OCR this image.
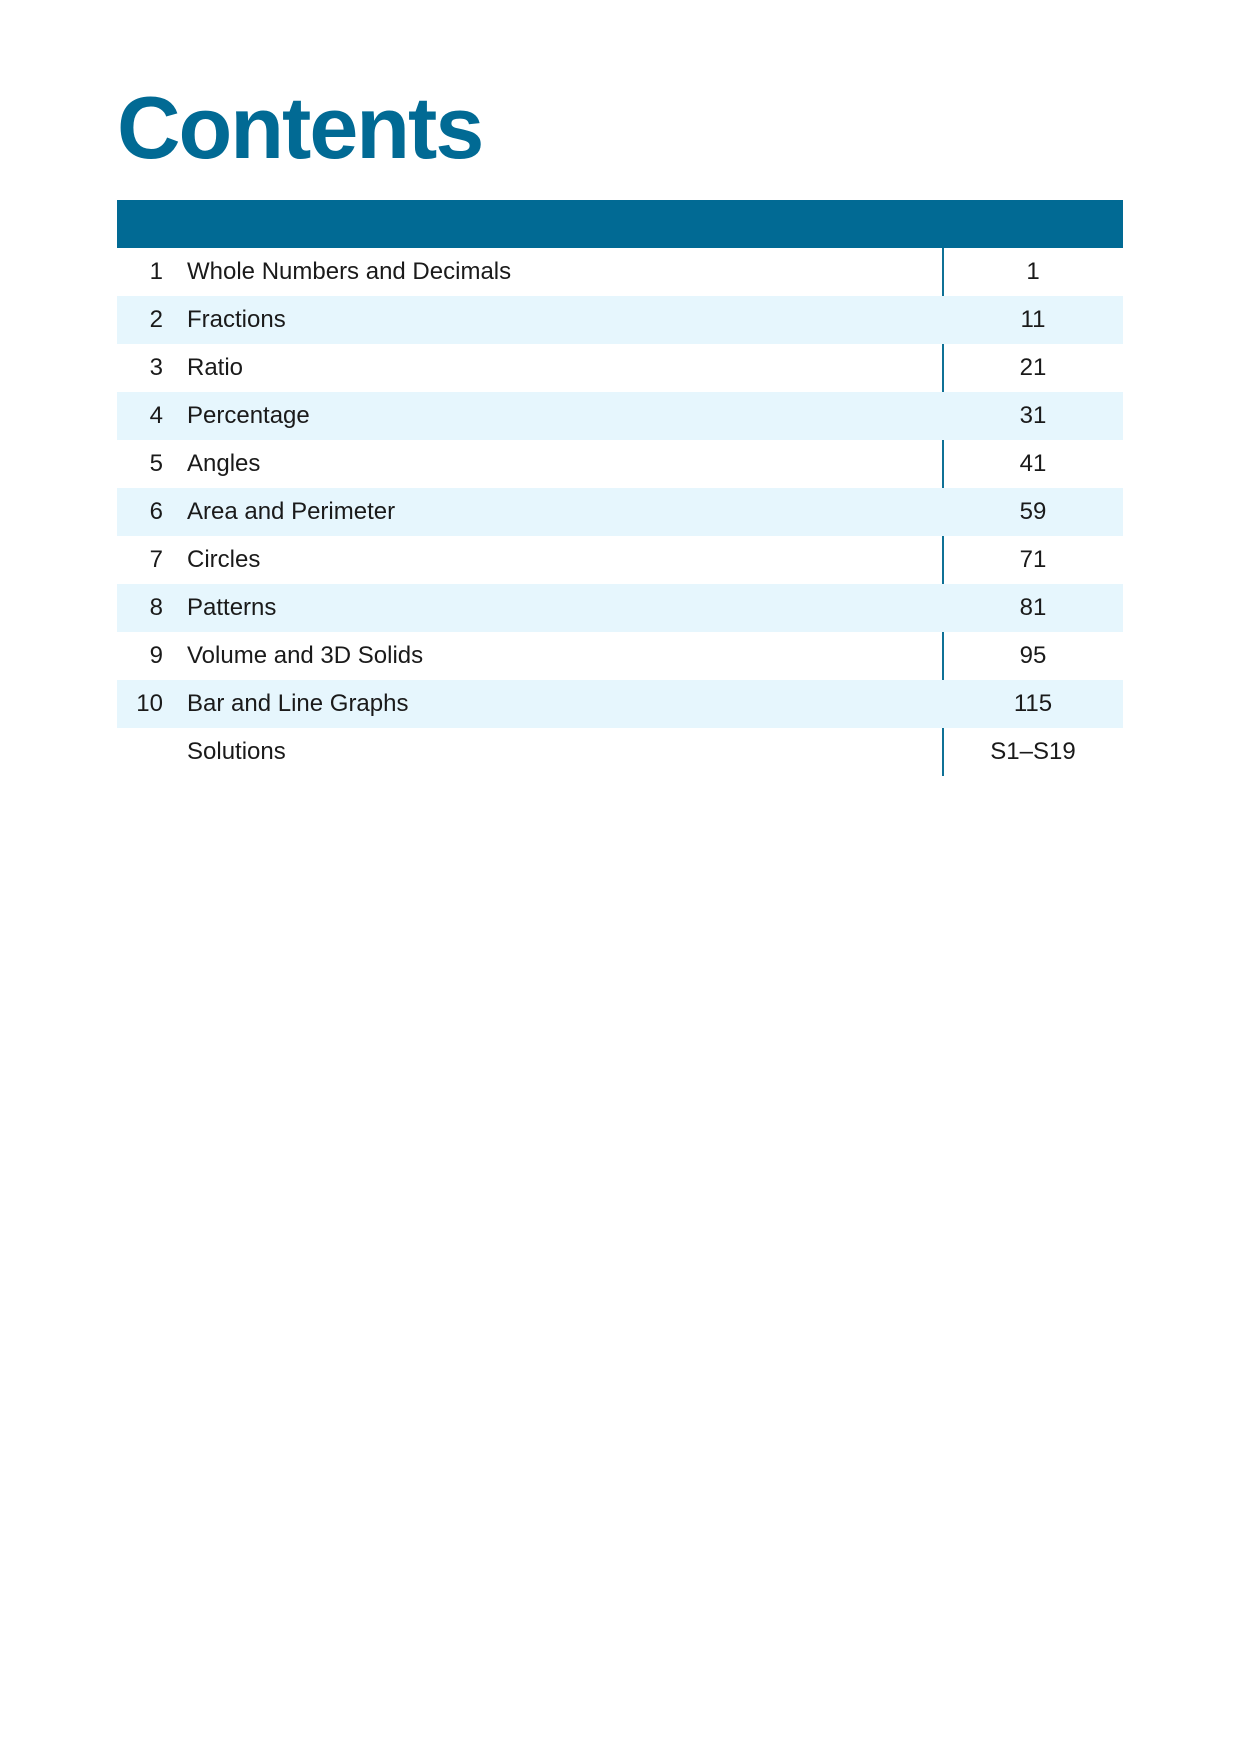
Contents
1	Whole Numbers and Decimals	1
2	Fractions	11
3	Ratio	21
4	Percentage	31
5	Angles	41
6	Area and Perimeter	59
7	Circles	71
8	Patterns	81
9	Volume and 3D Solids	95
10	Bar and Line Graphs	115
Solutions	S1–S19
